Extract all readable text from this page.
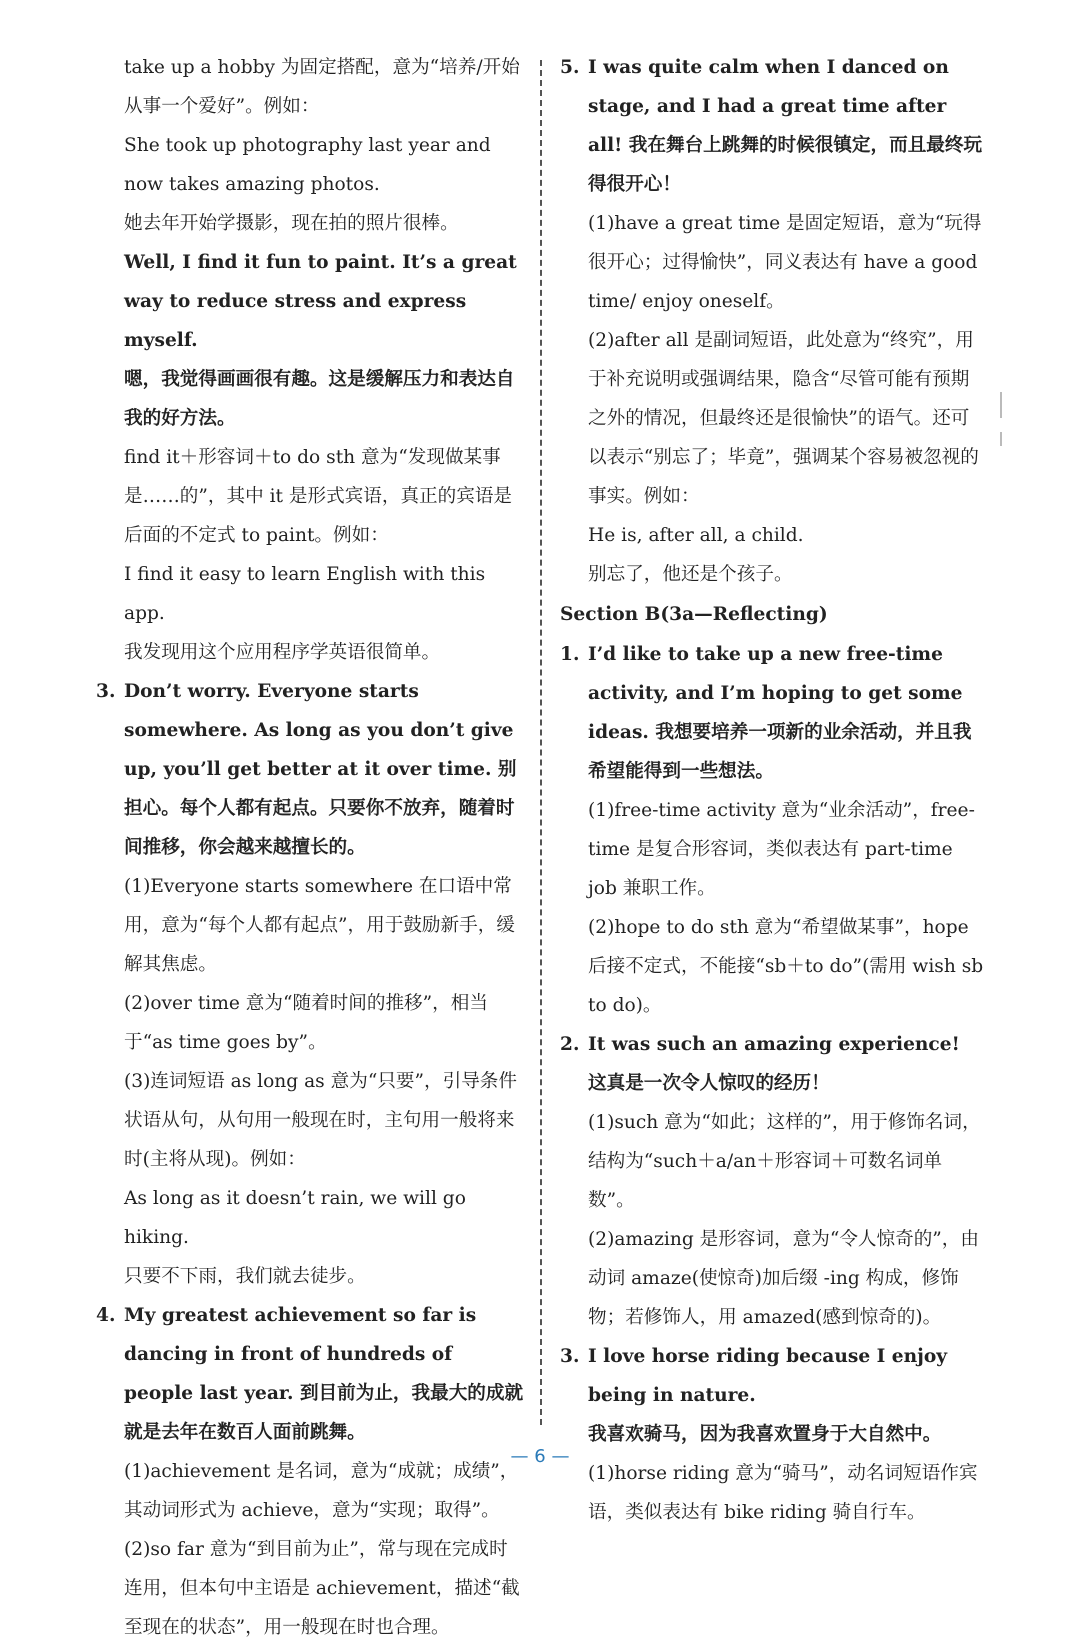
take up a hobby 为固定搭配，意为“培养/开始从事一个爱好”。例如：

She took up photography last year and now takes amazing photos.

她去年开始学摄影，现在拍的照片很棒。

Well, I find it fun to paint. It’s a great way to reduce stress and express myself.

嗯，我觉得画画很有趣。这是缓解压力和表达自我的好方法。

find it＋形容词＋to do sth 意为“发现做某事是……的”，其中 it 是形式宾语，真正的宾语是后面的不定式 to paint。例如：

I find it easy to learn English with this app.

我发现用这个应用程序学英语很简单。

3. Don’t worry. Everyone starts somewhere. As long as you don’t give up, you’ll get better at it over time. 别担心。每个人都有起点。只要你不放弃，随着时间推移，你会越来越擅长的。

(1)Everyone starts somewhere 在口语中常用，意为“每个人都有起点”，用于鼓励新手，缓解其焦虑。

(2)over time 意为“随着时间的推移”，相当于“as time goes by”。

(3)连词短语 as long as 意为“只要”，引导条件状语从句，从句用一般现在时，主句用一般将来时(主将从现)。例如：

As long as it doesn’t rain, we will go hiking.

只要不下雨，我们就去徒步。

4. My greatest achievement so far is dancing in front of hundreds of people last year. 到目前为止，我最大的成就就是去年在数百人面前跳舞。

(1)achievement 是名词，意为“成就；成绩”，其动词形式为 achieve，意为“实现；取得”。

(2)so far 意为“到目前为止”，常与现在完成时连用，但本句中主语是 achievement，描述“截至现在的状态”，用一般现在时也合理。

5. I was quite calm when I danced on stage, and I had a great time after all! 我在舞台上跳舞的时候很镇定，而且最终玩得很开心！

(1)have a great time 是固定短语，意为“玩得很开心；过得愉快”，同义表达有 have a good time/ enjoy oneself。

(2)after all 是副词短语，此处意为“终究”，用于补充说明或强调结果，隐含“尽管可能有预期之外的情况，但最终还是很愉快”的语气。还可以表示“别忘了；毕竟”，强调某个容易被忽视的事实。例如：

He is, after all, a child.

别忘了，他还是个孩子。

Section B(3a—Reflecting)

1. I’d like to take up a new free-time activity, and I’m hoping to get some ideas. 我想要培养一项新的业余活动，并且我希望能得到一些想法。

(1)free-time activity 意为“业余活动”，free-time 是复合形容词，类似表达有 part-time job 兼职工作。

(2)hope to do sth 意为“希望做某事”，hope 后接不定式，不能接“sb＋to do”(需用 wish sb to do)。

2. It was such an amazing experience!

这真是一次令人惊叹的经历！

(1)such 意为“如此；这样的”，用于修饰名词，结构为“such＋a/an＋形容词＋可数名词单数”。

(2)amazing 是形容词，意为“令人惊奇的”，由动词 amaze(使惊奇)加后缀 -ing 构成，修饰物；若修饰人，用 amazed(感到惊奇的)。

3. I love horse riding because I enjoy being in nature.

我喜欢骑马，因为我喜欢置身于大自然中。

(1)horse riding 意为“骑马”，动名词短语作宾语，类似表达有 bike riding 骑自行车。

— 6 —
